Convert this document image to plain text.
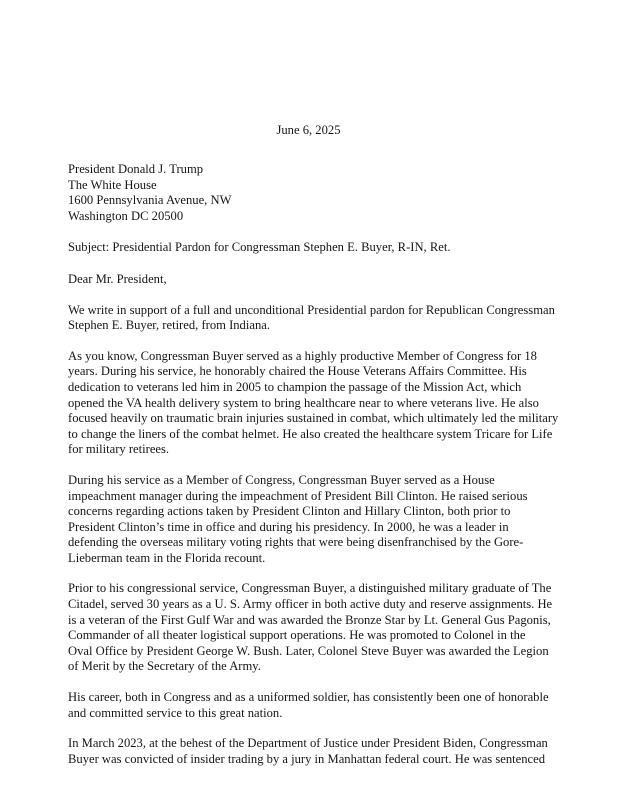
June 6, 2025

President Donald J. Trump
The White House
1600 Pennsylvania Avenue, NW
Washington DC 20500

Subject: Presidential Pardon for Congressman Stephen E. Buyer, R-IN, Ret.

Dear Mr. President,

We write in support of a full and unconditional Presidential pardon for Republican Congressman
Stephen E. Buyer, retired, from Indiana.

As you know, Congressman Buyer served as a highly productive Member of Congress for 18
years. During his service, he honorably chaired the House Veterans Affairs Committee. His
dedication to veterans led him in 2005 to champion the passage of the Mission Act, which
opened the VA health delivery system to bring healthcare near to where veterans live. He also
focused heavily on traumatic brain injuries sustained in combat, which ultimately led the military
to change the liners of the combat helmet. He also created the healthcare system Tricare for Life
for military retirees.

During his service as a Member of Congress, Congressman Buyer served as a House
impeachment manager during the impeachment of President Bill Clinton. He raised serious
concerns regarding actions taken by President Clinton and Hillary Clinton, both prior to
President Clinton’s time in office and during his presidency. In 2000, he was a leader in
defending the overseas military voting rights that were being disenfranchised by the Gore-
Lieberman team in the Florida recount.

Prior to his congressional service, Congressman Buyer, a distinguished military graduate of The
Citadel, served 30 years as a U. S. Army officer in both active duty and reserve assignments. He
is a veteran of the First Gulf War and was awarded the Bronze Star by Lt. General Gus Pagonis,
Commander of all theater logistical support operations. He was promoted to Colonel in the
Oval Office by President George W. Bush. Later, Colonel Steve Buyer was awarded the Legion
of Merit by the Secretary of the Army.

His career, both in Congress and as a uniformed soldier, has consistently been one of honorable
and committed service to this great nation.

In March 2023, at the behest of the Department of Justice under President Biden, Congressman
Buyer was convicted of insider trading by a jury in Manhattan federal court. He was sentenced
